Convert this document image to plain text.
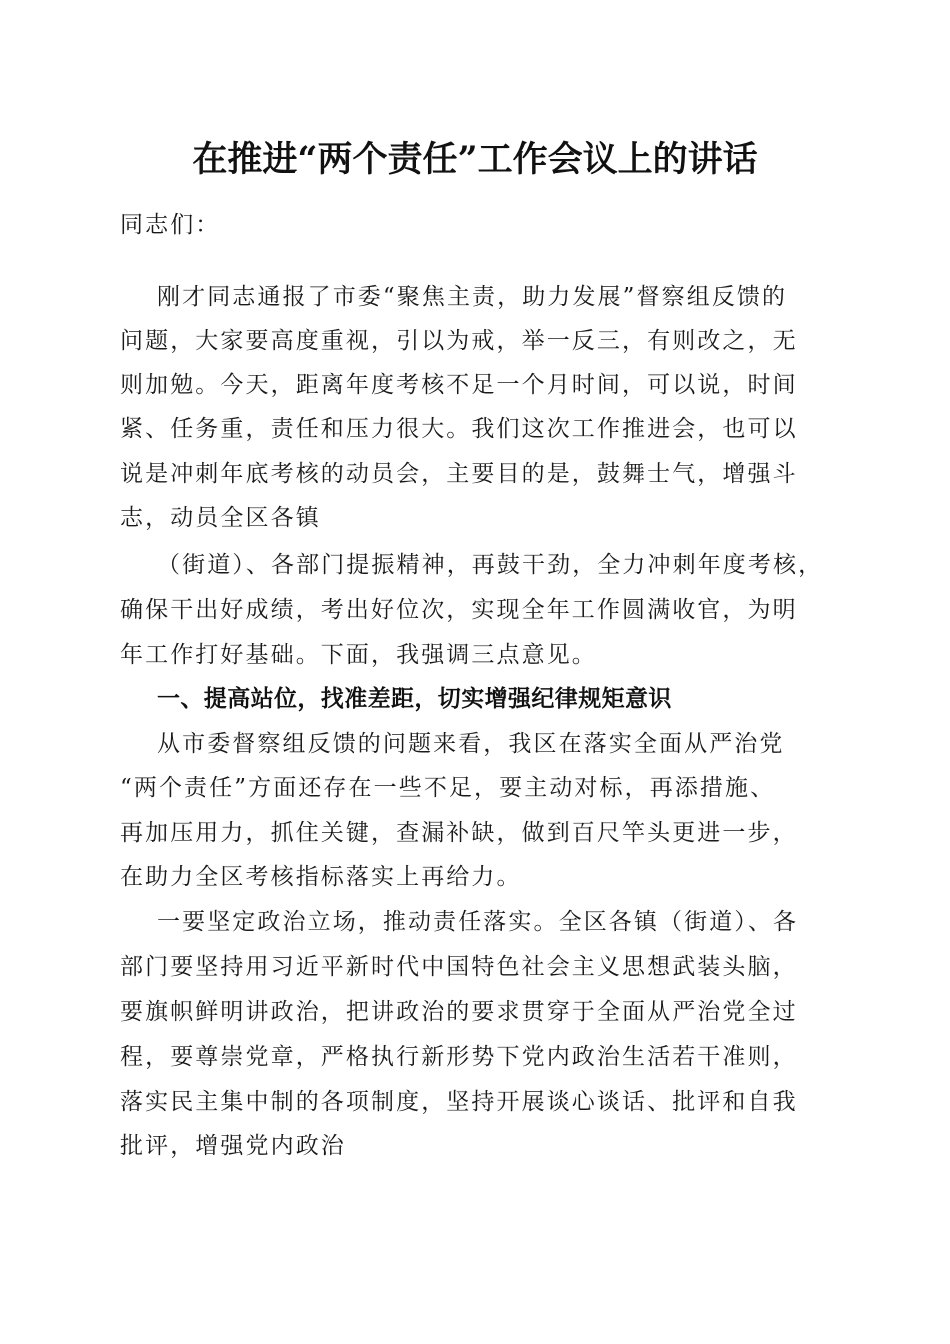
在推进“两个责任”工作会议上的讲话
同志们：
刚才同志通报了市委“聚焦主责，助力发展”督察组反馈的
问题，大家要高度重视，引以为戒，举一反三，有则改之，无
则加勉。今天，距离年度考核不足一个月时间，可以说，时间
紧、任务重，责任和压力很大。我们这次工作推进会，也可以
说是冲刺年底考核的动员会，主要目的是，鼓舞士气，增强斗
志，动员全区各镇
（街道）、各部门提振精神，再鼓干劲，全力冲刺年度考核，
确保干出好成绩，考出好位次，实现全年工作圆满收官，为明
年工作打好基础。下面，我强调三点意见。
一、提高站位，找准差距，切实增强纪律规矩意识
从市委督察组反馈的问题来看，我区在落实全面从严治党
“两个责任”方面还存在一些不足，要主动对标，再添措施、
再加压用力，抓住关键，查漏补缺，做到百尺竿头更进一步，
在助力全区考核指标落实上再给力。
一要坚定政治立场，推动责任落实。全区各镇（街道）、各
部门要坚持用习近平新时代中国特色社会主义思想武装头脑，
要旗帜鲜明讲政治，把讲政治的要求贯穿于全面从严治党全过
程，要尊崇党章，严格执行新形势下党内政治生活若干准则，
落实民主集中制的各项制度，坚持开展谈心谈话、批评和自我
批评，增强党内政治
